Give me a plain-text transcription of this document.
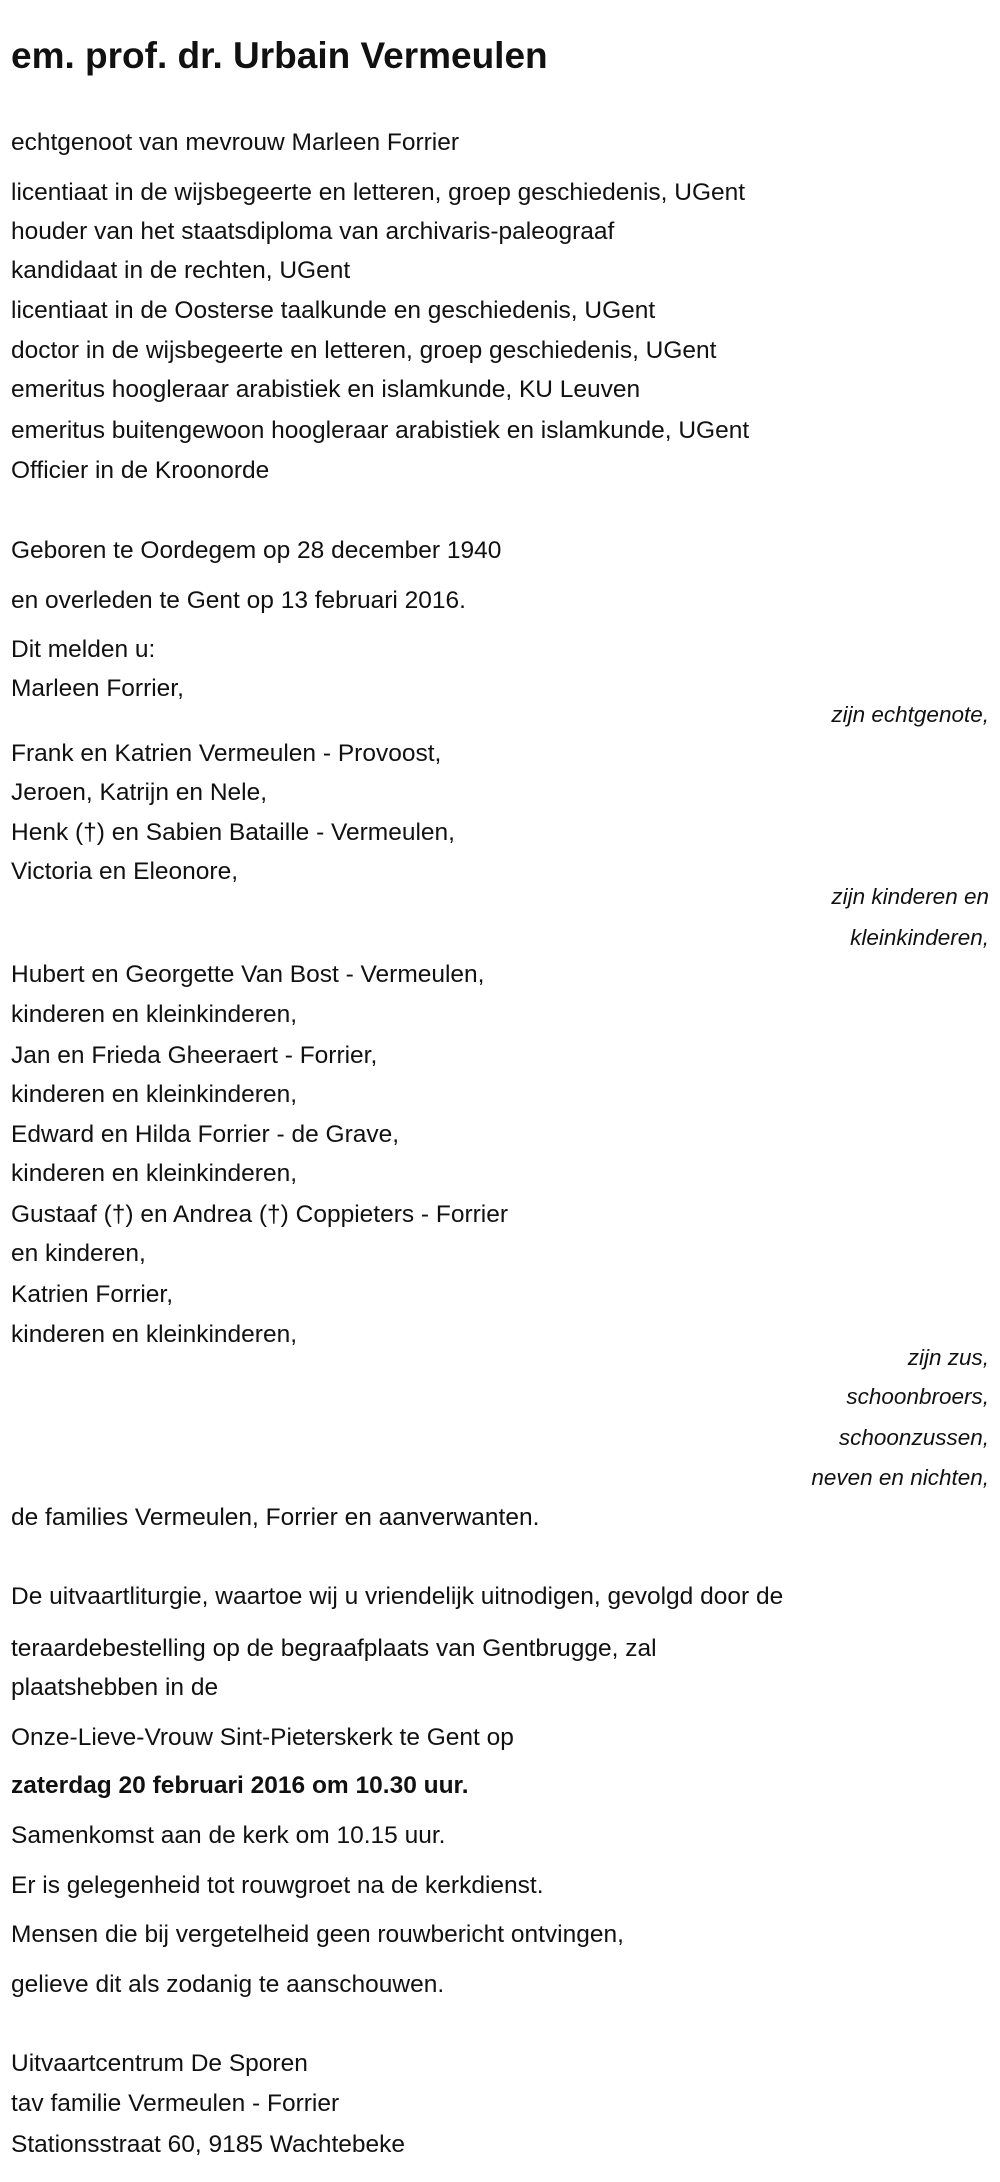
em. prof. dr. Urbain Vermeulen
echtgenoot van mevrouw Marleen Forrier
licentiaat in de wijsbegeerte en letteren, groep geschiedenis, UGent
houder van het staatsdiploma van archivaris-paleograaf
kandidaat in de rechten, UGent
licentiaat in de Oosterse taalkunde en geschiedenis, UGent
doctor in de wijsbegeerte en letteren, groep geschiedenis, UGent
emeritus hoogleraar arabistiek en islamkunde, KU Leuven
emeritus buitengewoon hoogleraar arabistiek en islamkunde, UGent
Officier in de Kroonorde
Geboren te Oordegem op 28 december 1940
en overleden te Gent op 13 februari 2016.
Dit melden u:
Marleen Forrier,
zijn echtgenote,
Frank en Katrien Vermeulen - Provoost,
Jeroen, Katrijn en Nele,
Henk (†) en Sabien Bataille - Vermeulen,
Victoria en Eleonore,
zijn kinderen en
kleinkinderen,
Hubert en Georgette Van Bost - Vermeulen,
kinderen en kleinkinderen,
Jan en Frieda Gheeraert - Forrier,
kinderen en kleinkinderen,
Edward en Hilda Forrier - de Grave,
kinderen en kleinkinderen,
Gustaaf (†) en Andrea (†) Coppieters - Forrier
en kinderen,
Katrien Forrier,
kinderen en kleinkinderen,
zijn zus,
schoonbroers,
schoonzussen,
neven en nichten,
de families Vermeulen, Forrier en aanverwanten.
De uitvaartliturgie, waartoe wij u vriendelijk uitnodigen, gevolgd door de
teraardebestelling op de begraafplaats van Gentbrugge, zal
plaatshebben in de
Onze-Lieve-Vrouw Sint-Pieterskerk te Gent op
zaterdag 20 februari 2016 om 10.30 uur.
Samenkomst aan de kerk om 10.15 uur.
Er is gelegenheid tot rouwgroet na de kerkdienst.
Mensen die bij vergetelheid geen rouwbericht ontvingen,
gelieve dit als zodanig te aanschouwen.
Uitvaartcentrum De Sporen
tav familie Vermeulen - Forrier
Stationsstraat 60, 9185 Wachtebeke
